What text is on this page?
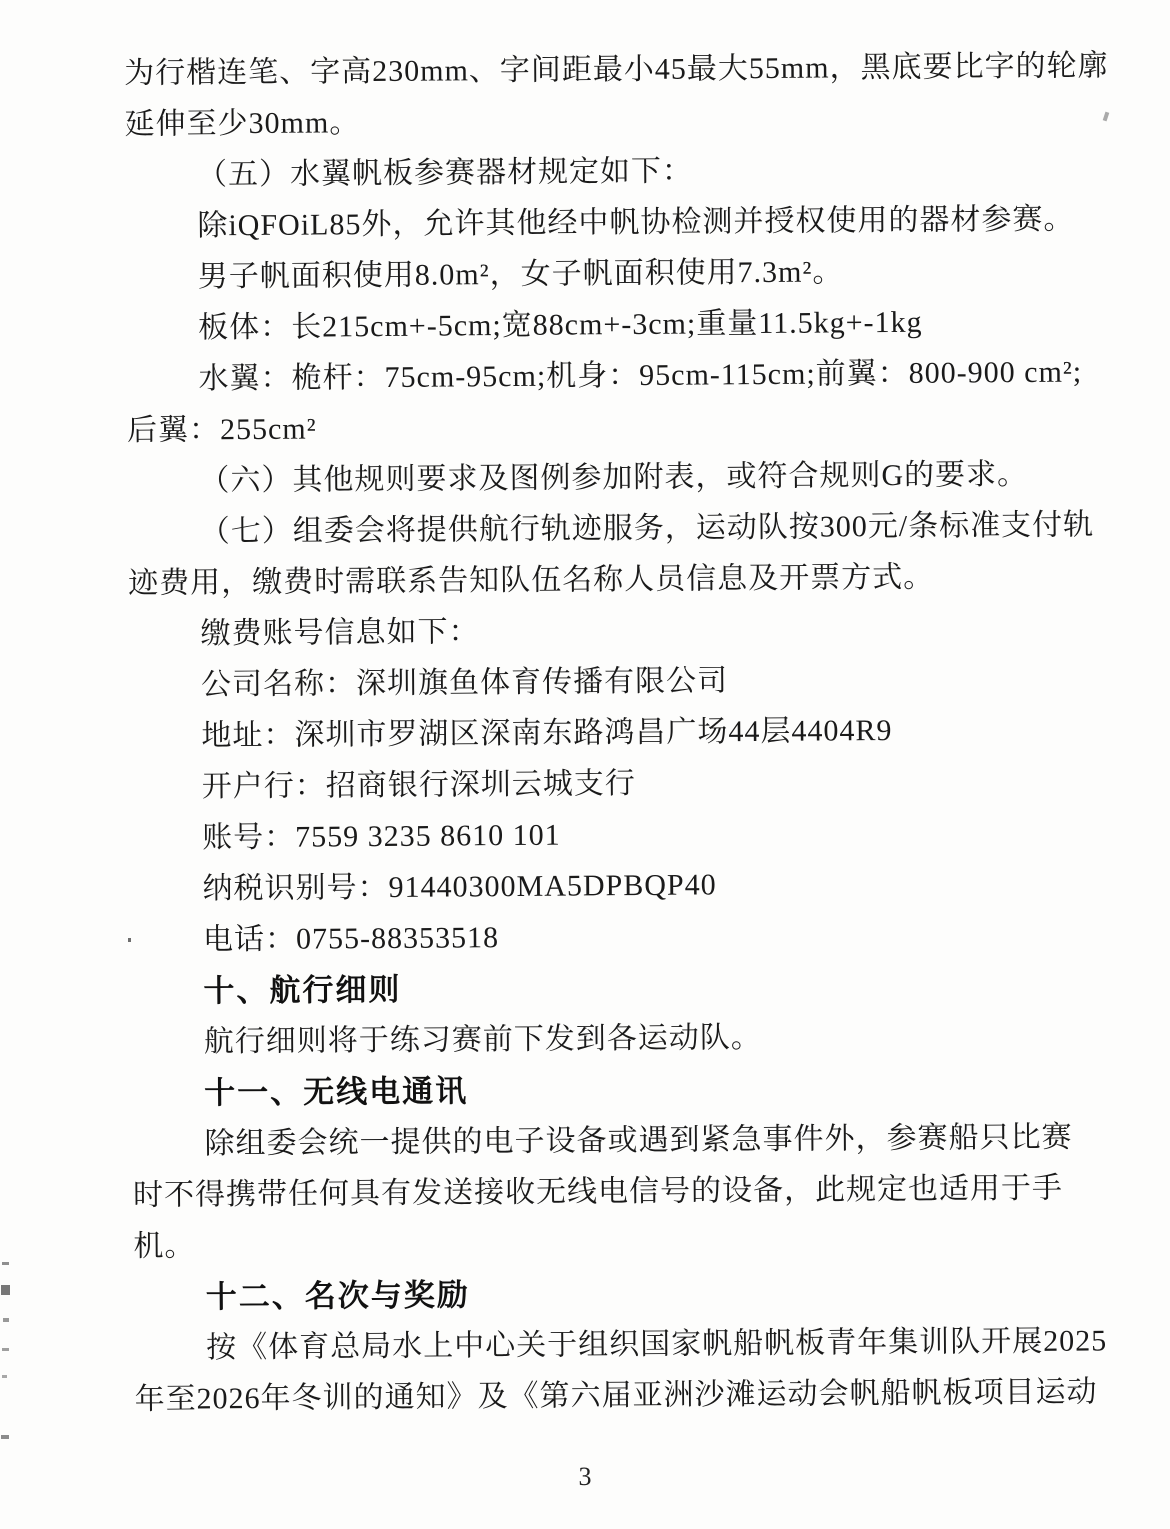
为行楷连笔、字高230mm、字间距最小45最大55mm，黑底要比字的轮廓
延伸至少30mm。
（五）水翼帆板参赛器材规定如下：
除iQFOiL85外，允许其他经中帆协检测并授权使用的器材参赛。
男子帆面积使用8.0m²，女子帆面积使用7.3m²。
板体：长215cm+-5cm;宽88cm+-3cm;重量11.5kg+-1kg
水翼：桅杆：75cm-95cm;机身：95cm-115cm;前翼：800-900 cm²;
后翼：255cm²
（六）其他规则要求及图例参加附表，或符合规则G的要求。
（七）组委会将提供航行轨迹服务，运动队按300元/条标准支付轨
迹费用，缴费时需联系告知队伍名称人员信息及开票方式。
缴费账号信息如下：
公司名称：深圳旗鱼体育传播有限公司
地址：深圳市罗湖区深南东路鸿昌广场44层4404R9
开户行：招商银行深圳云城支行
账号：7559 3235 8610 101
纳税识别号：91440300MA5DPBQP40
电话：0755-88353518
十、航行细则
航行细则将于练习赛前下发到各运动队。
十一、无线电通讯
除组委会统一提供的电子设备或遇到紧急事件外，参赛船只比赛
时不得携带任何具有发送接收无线电信号的设备，此规定也适用于手
机。
十二、名次与奖励
按《体育总局水上中心关于组织国家帆船帆板青年集训队开展2025
年至2026年冬训的通知》及《第六届亚洲沙滩运动会帆船帆板项目运动
3
